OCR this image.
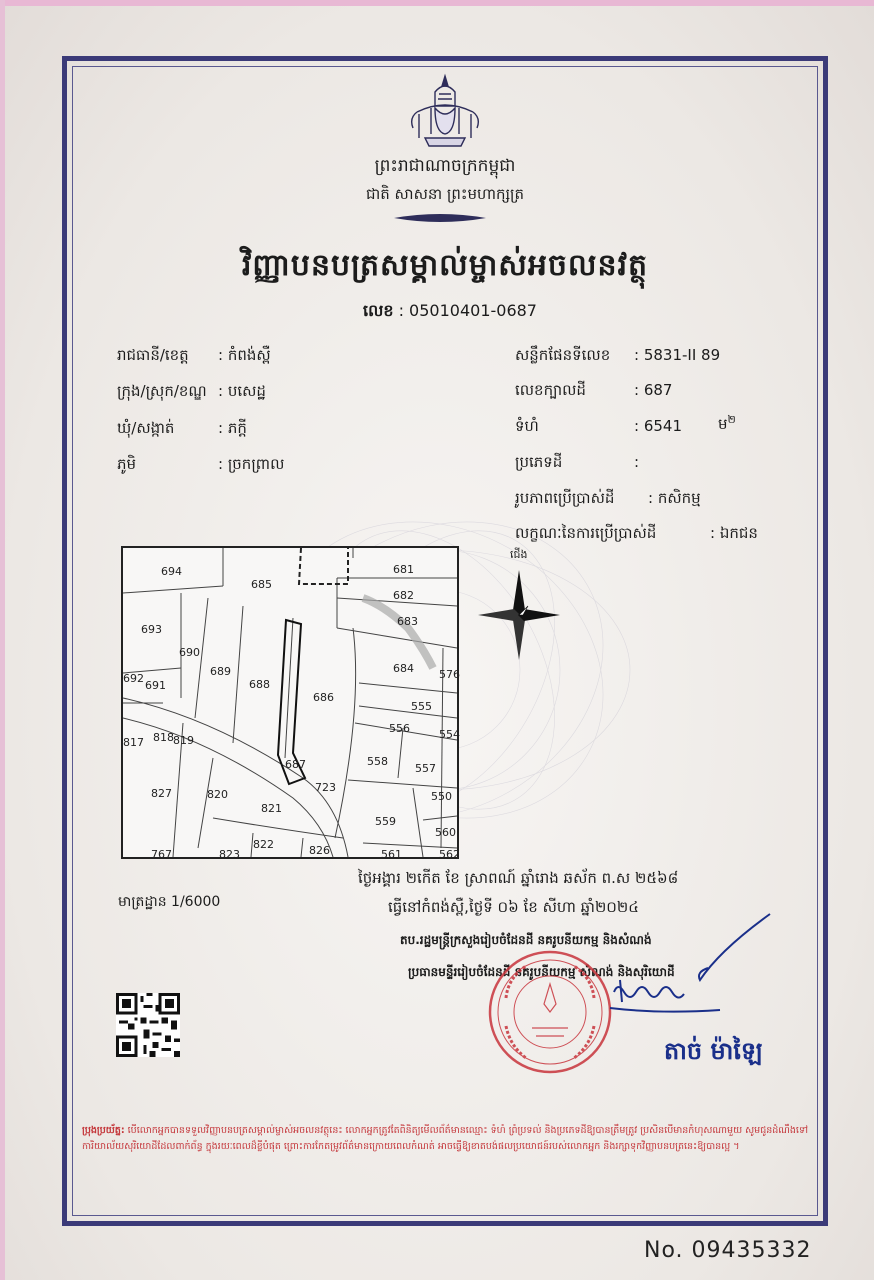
ព្រះរាជាណាចក្រកម្ពុជា
ជាតិ សាសនា ព្រះមហាក្សត្រ
វិញ្ញាបនបត្រសម្គាល់ម្ចាស់អចលនវត្ថុ
លេខ : 05010401-0687
រាជធានី/ខេត្ត : កំពង់ស្ពឺ
ក្រុង/ស្រុក/ខណ្ឌ : បសេដ្ឋ
ឃុំ/សង្កាត់	: ភក្តី
ភូមិ	: ច្រកព្រាល
សន្លឹកផែនទីលេខ : 5831-II 89
លេខក្បាលដី	: 687
ទំហំ	: 6541 ម$^២$
ប្រភេទដី	:
រូបភាពប្រើប្រាស់ដី : កសិកម្ម
លក្ខណៈនៃការប្រើប្រាស់ដី	: ឯកជន
694
685
681
682
683
693
690
689
688
686
684 576
692
691
555
556	554
817 818 819
558
557
687
723
827	820
821
550
559
560
822
767	823	826	561	562
ជើង
មាត្រដ្ឋាន 1/6000
ថ្ងៃអង្គារ ២កើត ខែ ស្រាពណ៍ ឆ្នាំរោង ឆស័ក ព.ស ២៥៦៨
ធ្វើនៅកំពង់ស្ពឺ,ថ្ងៃទី ០៦ ខែ សីហា ឆ្នាំ២០២៤
តប.រដ្ឋមន្ត្រីក្រសួងរៀបចំដែនដី នគរូបនីយកម្ម និងសំណង់
ប្រធានមន្ទីររៀបចំដែនដី នគរូបនីយកម្ម សំណង់ និងសុរិយោដី
តាច់ ម៉ាឡៃ
ប្រុងប្រយ័ត្ន: បើលោកអ្នកបានទទួលវិញ្ញាបនបត្រសម្គាល់ម្ចាស់អចលនវត្ថុនេះ លោកអ្នកត្រូវតែពិនិត្យមើលព័ត៌មានឈ្មោះ ទំហំ ព្រំប្រទល់ និងប្រភេទដីឱ្យបានត្រឹមត្រូវ ប្រសិនបើមានកំហុសណាមួយ សូមជូនដំណឹងទៅការិយាល័យសុរិយោដីដែលពាក់ព័ន្ធ ក្នុងរយៈពេលដ៏ខ្លីបំផុត ព្រោះការកែតម្រូវព័ត៌មានក្រោយពេលកំណត់ អាចធ្វើឱ្យខាតបង់ផលប្រយោជន៍របស់លោកអ្នក និងរក្សាទុកវិញ្ញាបនបត្រនេះឱ្យបានល្អ ។
No. 09435332
